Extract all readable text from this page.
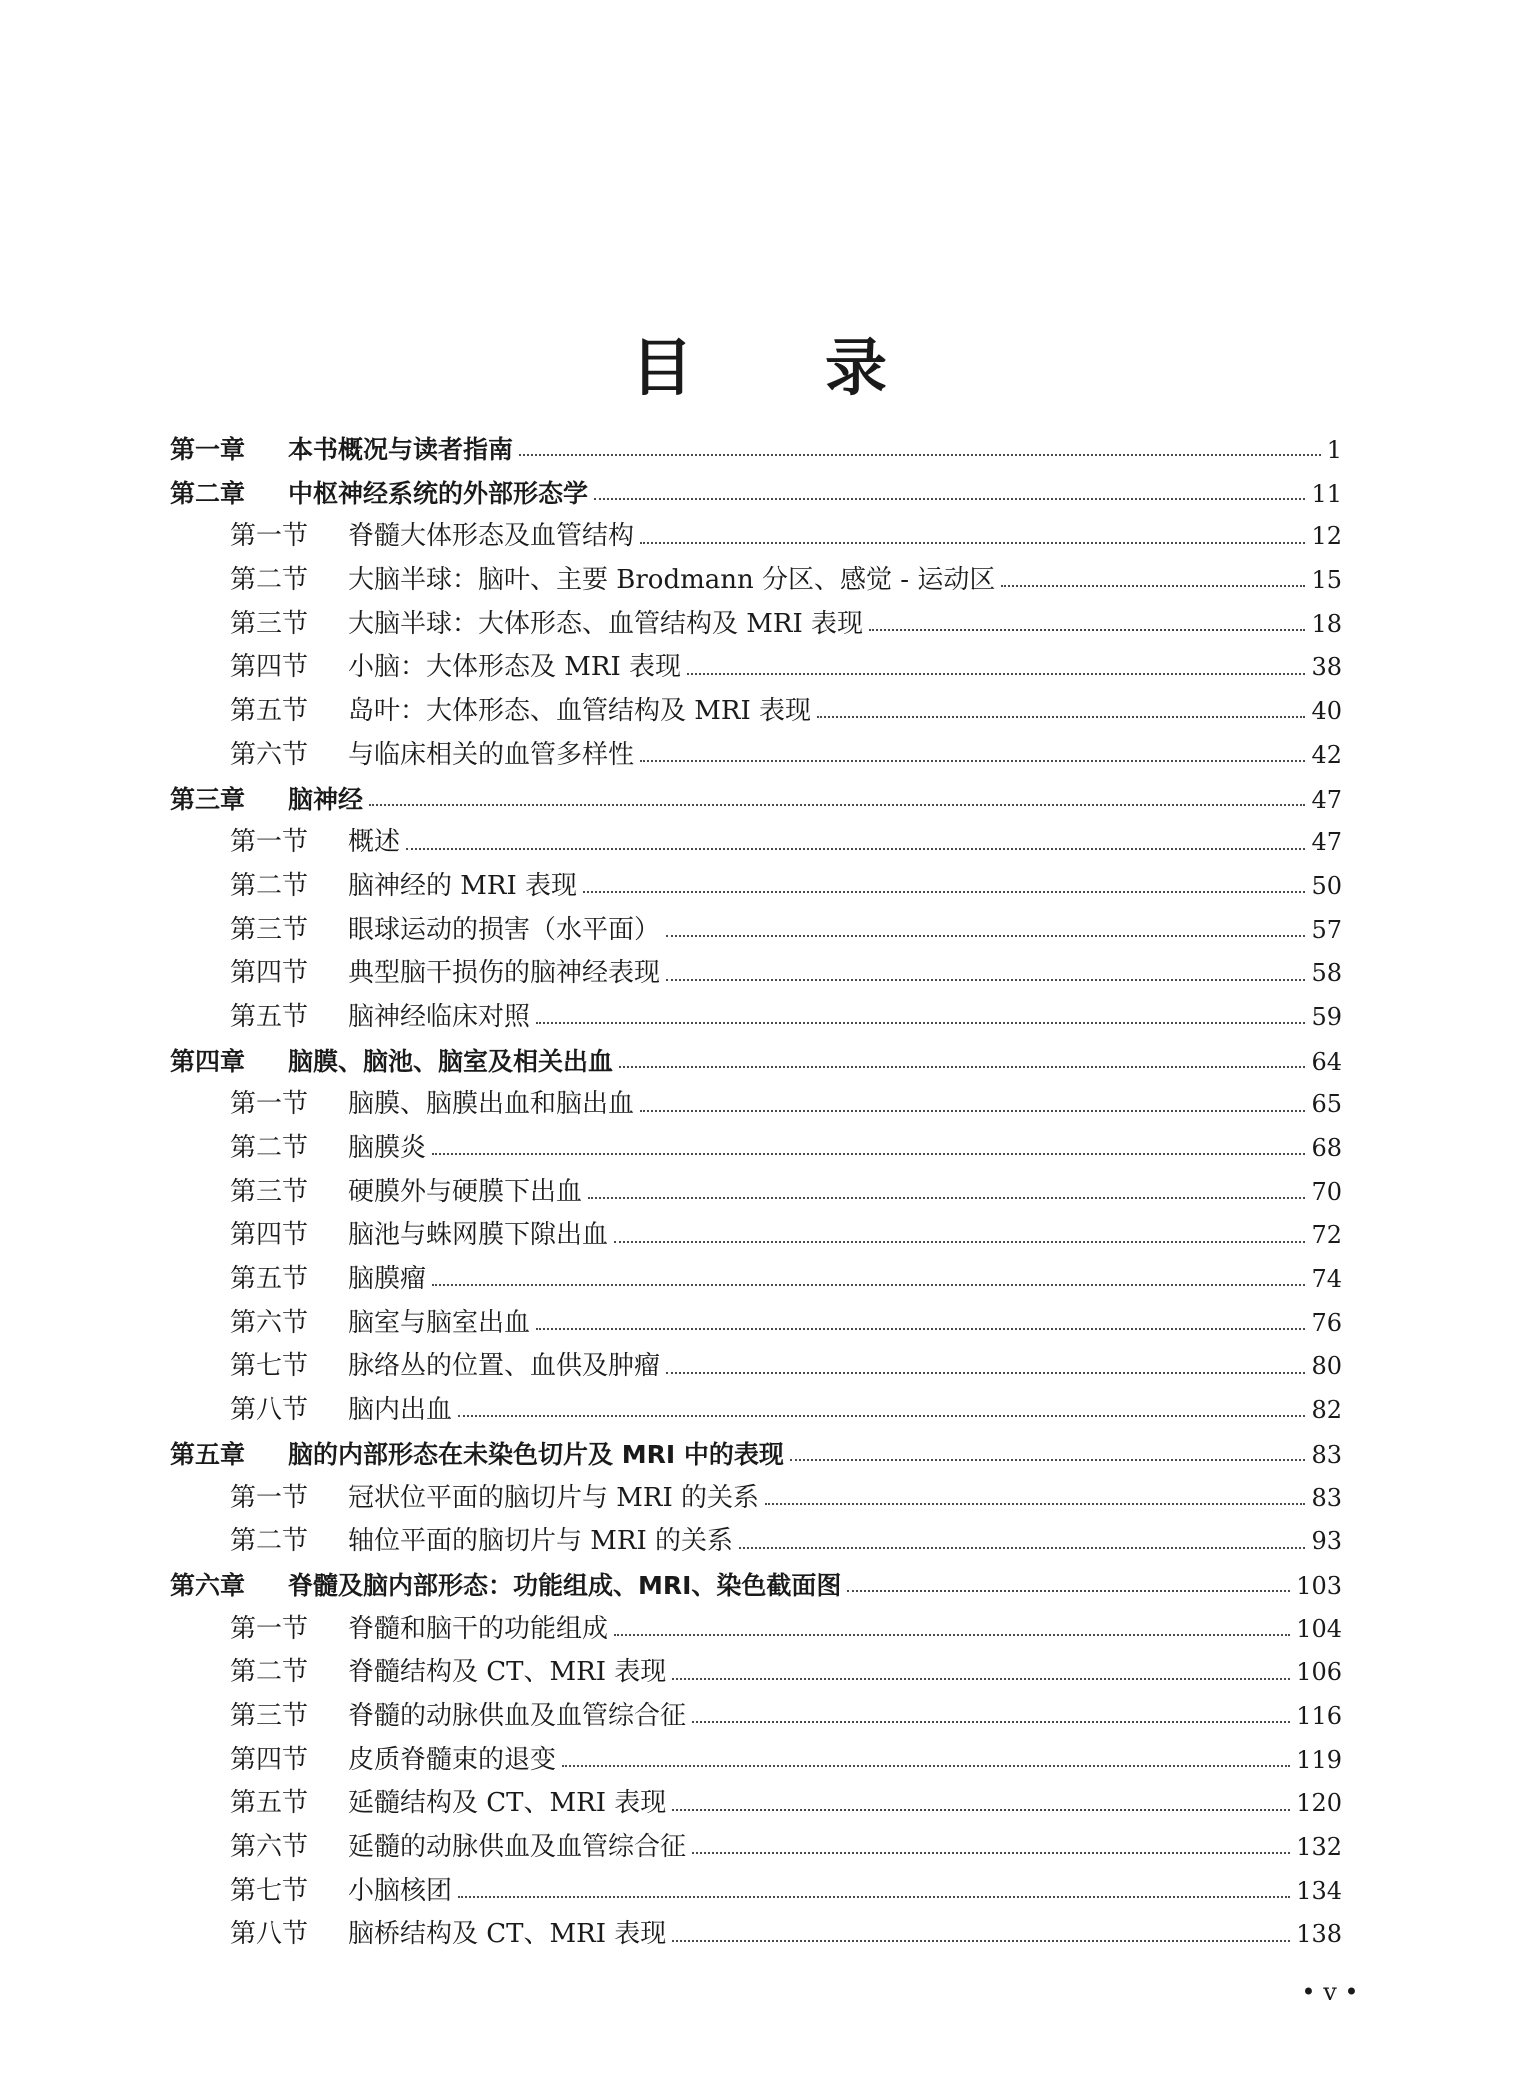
目 录
第一章	本书概况与读者指南	1
第二章	中枢神经系统的外部形态学	11
第一节	脊髓大体形态及血管结构	12
第二节	大脑半球：脑叶、主要 Brodmann 分区、感觉 - 运动区	15
第三节	大脑半球：大体形态、血管结构及 MRI 表现	18
第四节	小脑：大体形态及 MRI 表现	38
第五节	岛叶：大体形态、血管结构及 MRI 表现	40
第六节	与临床相关的血管多样性	42
第三章	脑神经	47
第一节	概述	47
第二节	脑神经的 MRI 表现	50
第三节	眼球运动的损害（水平面）	57
第四节	典型脑干损伤的脑神经表现	58
第五节	脑神经临床对照	59
第四章	脑膜、脑池、脑室及相关出血	64
第一节	脑膜、脑膜出血和脑出血	65
第二节	脑膜炎	68
第三节	硬膜外与硬膜下出血	70
第四节	脑池与蛛网膜下隙出血	72
第五节	脑膜瘤	74
第六节	脑室与脑室出血	76
第七节	脉络丛的位置、血供及肿瘤	80
第八节	脑内出血	82
第五章	脑的内部形态在未染色切片及 MRI 中的表现	83
第一节	冠状位平面的脑切片与 MRI 的关系	83
第二节	轴位平面的脑切片与 MRI 的关系	93
第六章	脊髓及脑内部形态：功能组成、MRI、染色截面图	103
第一节	脊髓和脑干的功能组成	104
第二节	脊髓结构及 CT、MRI 表现	106
第三节	脊髓的动脉供血及血管综合征	116
第四节	皮质脊髓束的退变	119
第五节	延髓结构及 CT、MRI 表现	120
第六节	延髓的动脉供血及血管综合征	132
第七节	小脑核团	134
第八节	脑桥结构及 CT、MRI 表现	138
• v •
